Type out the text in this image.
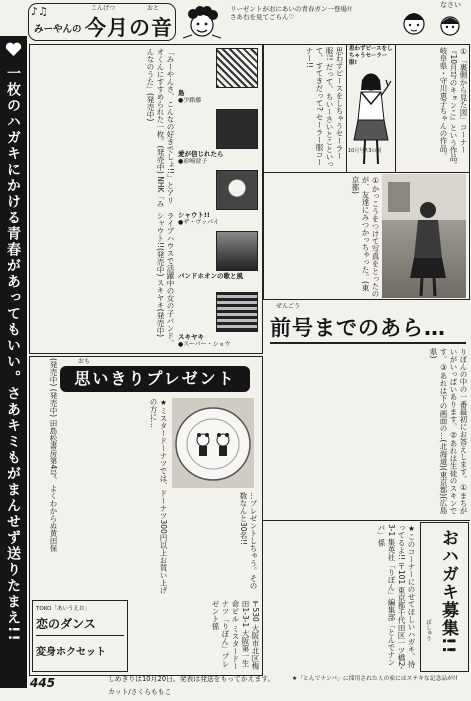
みーやんの
こんげつ	おと
今月の音
♪♫	リーゼントがおにあいの青春ガン一登場!! さあ右を見てごらん♡
なさい
一枚のハガキにかける青春があってもいい。さあキミもがまんせず送りたまえ!!	「みーやんさ、こんなの好きでしょ!!」とアリオくんにすすめられた一枚。(発売中) NHK「みんなのうた」(発売中)
ライブハウスで活躍中の女の子バンド。シャウト!!(発売中) スキヤキ(発売中)
島
●少路藤
愛が信じれたら
●彩崎澄子
シャウト!!
●ザ・ヴッパイ
バンドホオンの歌と風
スキヤキ
●スーパー・ショウ
思わずピースをしちゃうセーラー服!! だって、ちいーさいとこといって、すてきだって? セーラー服コーナー!!	思わずピースをしちゃうセーラー服!
10月号P.3の図	①「裏側から見た図」コーナー 『10月号のキョンこ』という作品。岐阜県・守川恵子ちゃんの作品。
①かっこうをつけて写真をとったのが、友達にみつかっちゃった。(東京都)
ぜんごう
前号までのあら…
りぼんの中の一番最初にお答えします。①まちがいがいっぱいあります。②あれは生徒のスキンです。③あれは下の画面の…(北海道)(東京都)(広島県)
(発売中) (発売中) 田島松書房第4号、よくわからぬ黄田保	思いきりプレゼント
おも
★ミスタードーナツでは、ドーナツ300円以上お買い上げの方に…
…プレゼントしちゃう。その数なんと30名!!
TOKO「あいうえお」
恋のダンス
変身ホクセット	〒530 大阪市北区梅田1-3-1 大阪第一生命ビル ミスタードーナツ「りぼん」プレゼント係	★このコーナーにのせてほしいハガキ、待ってるよ!! 〒101 東京都千代田区一ツ橋2-3-1 集英社「りぼん」編集部「とんでナンバ」係	おハガキ募集!!
ぼしゅう
445	しめきりは10月20日。発表は発送をもってかえます。	★「とんでナンバ」に採用された人の家にはステキな記念品が!!
カット/さくらももこ
